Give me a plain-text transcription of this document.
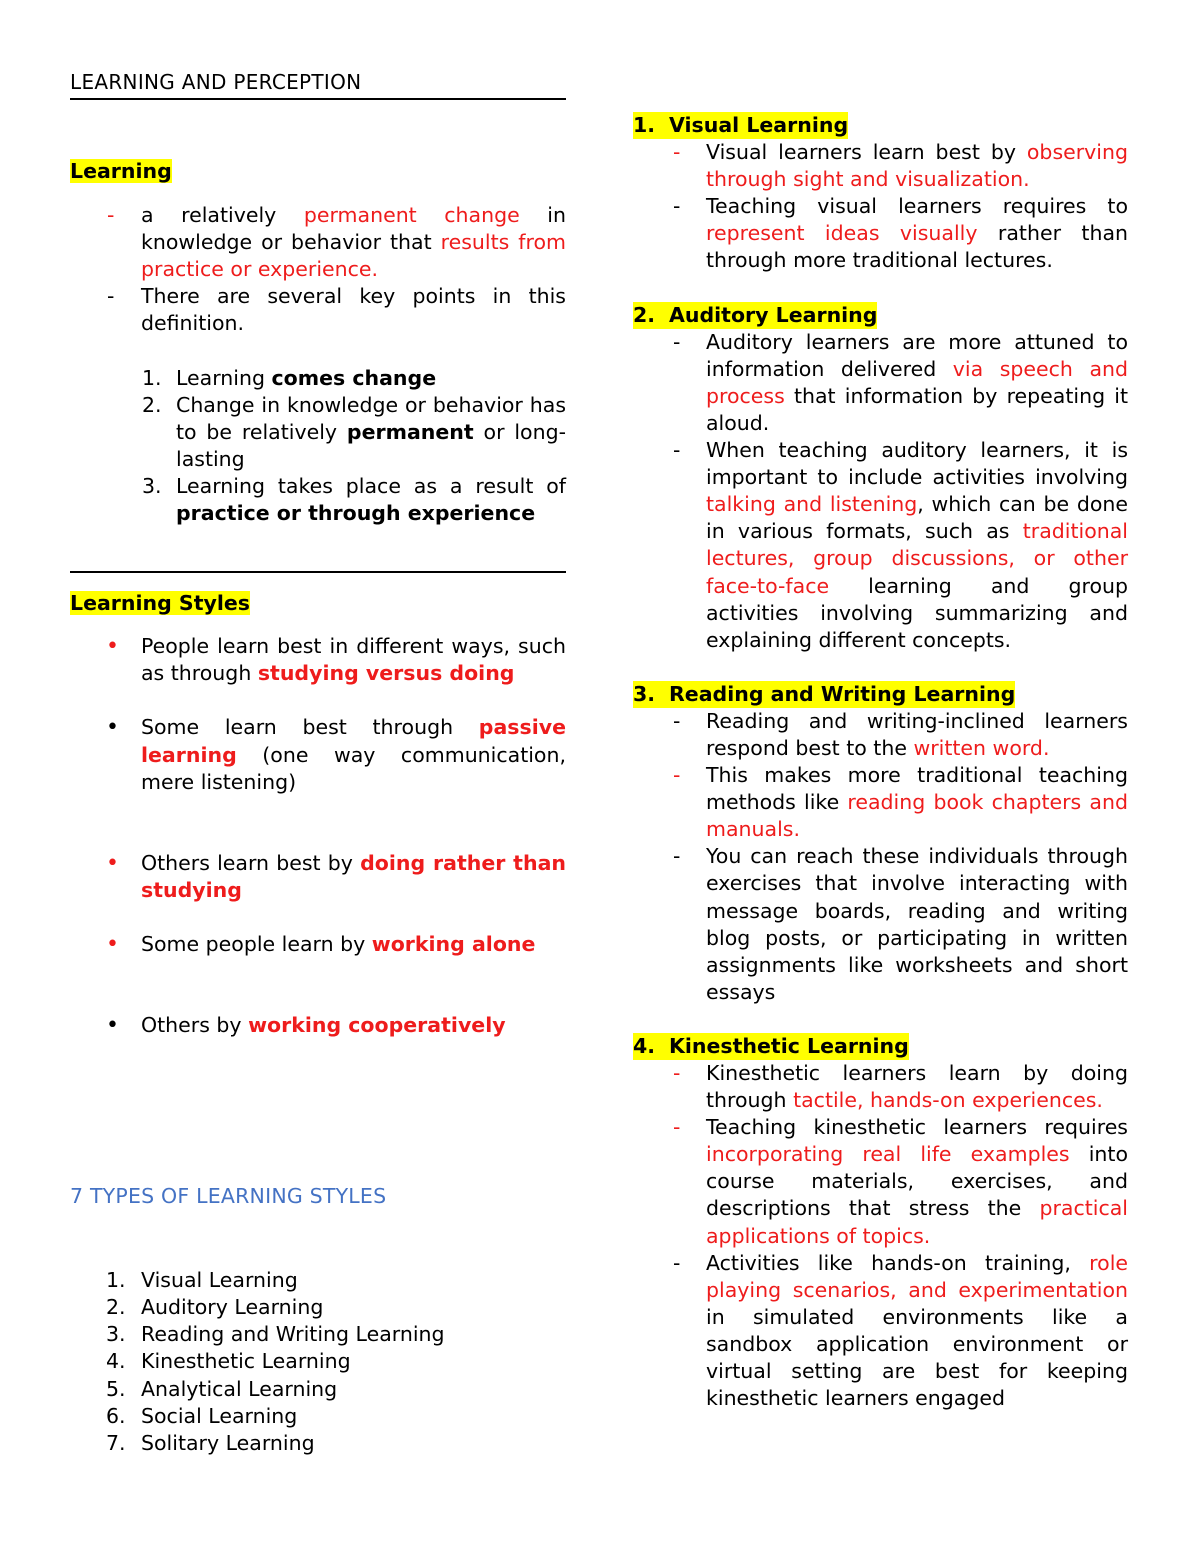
LEARNING AND PERCEPTION
Learning
-	a relatively permanent change in knowledge or behavior that results from practice or experience.
-	There are several key points in this definition.
1. Learning comes change
2. Change in knowledge or behavior has to be relatively permanent or long-lasting
3. Learning takes place as a result of practice or through experience
Learning Styles
•	People learn best in different ways, such as through studying versus doing
•	Some learn best through passive learning (one way communication, mere listening)
•	Others learn best by doing rather than studying
•	Some people learn by working alone
•	Others by working cooperatively
7 TYPES OF LEARNING STYLES
1. Visual Learning
2. Auditory Learning
3. Reading and Writing Learning
4. Kinesthetic Learning
5. Analytical Learning
6. Social Learning
7. Solitary Learning
1. Visual Learning
-	Visual learners learn best by observing through sight and visualization.
-	Teaching visual learners requires to represent ideas visually rather than through more traditional lectures.
2. Auditory Learning
-	Auditory learners are more attuned to information delivered via speech and process that information by repeating it aloud.
-	When teaching auditory learners, it is important to include activities involving talking and listening, which can be done in various formats, such as traditional lectures, group discussions, or other face-to-face learning and group activities involving summarizing and explaining different concepts.
3. Reading and Writing Learning
-	Reading and writing-inclined learners respond best to the written word.
-	This makes more traditional teaching methods like reading book chapters and manuals.
-	You can reach these individuals through exercises that involve interacting with message boards, reading and writing blog posts, or participating in written assignments like worksheets and short essays
4. Kinesthetic Learning
-	Kinesthetic learners learn by doing through tactile, hands-on experiences.
-	Teaching kinesthetic learners requires incorporating real life examples into course materials, exercises, and descriptions that stress the practical applications of topics.
-	Activities like hands-on training, role playing scenarios, and experimentation in simulated environments like a sandbox application environment or virtual setting are best for keeping kinesthetic learners engaged
